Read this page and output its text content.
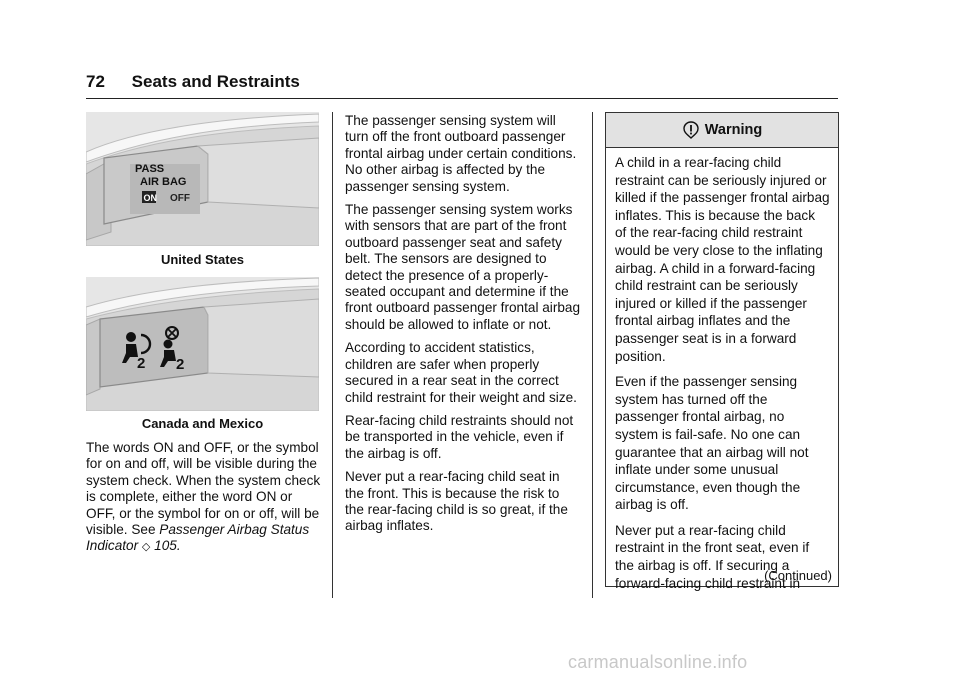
72 Seats and Restraints
PASS
AIR BAG
ON OFF
United States
2 2
Canada and Mexico

The words ON and OFF, or the symbol for on and off, will be visible during the system check. When the system check is complete, either the word ON or OFF, or the symbol for on or off, will be visible. See Passenger Airbag Status Indicator ◇ 105.

The passenger sensing system will turn off the front outboard passenger frontal airbag under certain conditions. No other airbag is affected by the passenger sensing system.

The passenger sensing system works with sensors that are part of the front outboard passenger seat and safety belt. The sensors are designed to detect the presence of a properly-seated occupant and determine if the front outboard passenger frontal airbag should be allowed to inflate or not.

According to accident statistics, children are safer when properly secured in a rear seat in the correct child restraint for their weight and size.

Rear-facing child restraints should not be transported in the vehicle, even if the airbag is off.

Never put a rear-facing child seat in the front. This is because the risk to the rear-facing child is so great, if the airbag inflates.

Warning

A child in a rear-facing child restraint can be seriously injured or killed if the passenger frontal airbag inflates. This is because the back of the rear-facing child restraint would be very close to the inflating airbag. A child in a forward-facing child restraint can be seriously injured or killed if the passenger frontal airbag inflates and the passenger seat is in a forward position.

Even if the passenger sensing system has turned off the passenger frontal airbag, no system is fail-safe. No one can guarantee that an airbag will not inflate under some unusual circumstance, even though the airbag is off.

Never put a rear-facing child restraint in the front seat, even if the airbag is off. If securing a forward-facing child restraint in

(Continued)
carmanualsonline.info
